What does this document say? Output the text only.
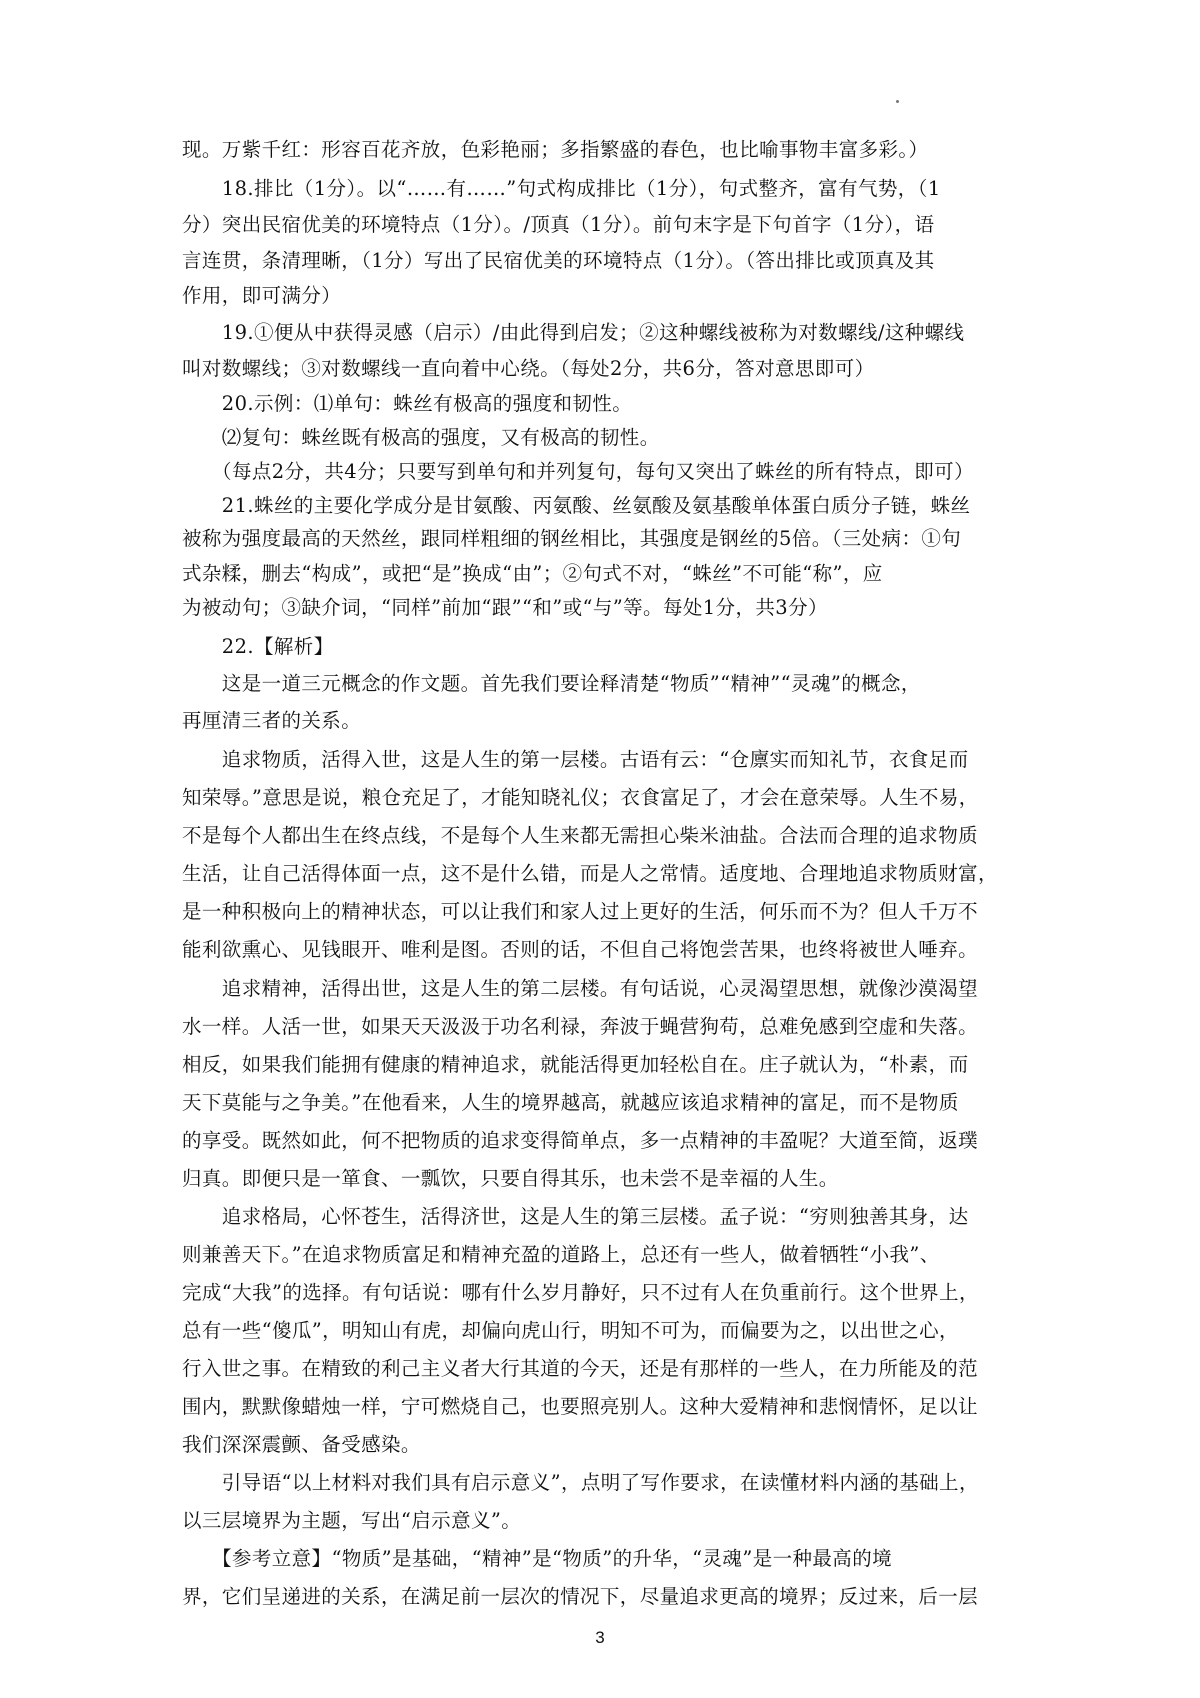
现。万紫千红：形容百花齐放，色彩艳丽；多指繁盛的春色，也比喻事物丰富多彩。）
　　18.排比（1分）。以“……有……”句式构成排比（1分），句式整齐，富有气势，（1
分）突出民宿优美的环境特点（1分）。/顶真（1分）。前句末字是下句首字（1分），语
言连贯，条清理晰，（1分）写出了民宿优美的环境特点（1分）。（答出排比或顶真及其
作用，即可满分）
　　19.①便从中获得灵感（启示）/由此得到启发；②这种螺线被称为对数螺线/这种螺线
叫对数螺线；③对数螺线一直向着中心绕。（每处2分，共6分，答对意思即可）
　　20.示例：⑴单句：蛛丝有极高的强度和韧性。
　　⑵复句：蛛丝既有极高的强度，又有极高的韧性。
　　（每点2分，共4分；只要写到单句和并列复句，每句又突出了蛛丝的所有特点，即可）
　　21.蛛丝的主要化学成分是甘氨酸、丙氨酸、丝氨酸及氨基酸单体蛋白质分子链，蛛丝
被称为强度最高的天然丝，跟同样粗细的钢丝相比，其强度是钢丝的5倍。（三处病：①句
式杂糅，删去“构成”，或把“是”换成“由”；②句式不对，“蛛丝”不可能“称”，应
为被动句；③缺介词，“同样”前加“跟”“和”或“与”等。每处1分，共3分）
　　22.【解析】
　　这是一道三元概念的作文题。首先我们要诠释清楚“物质”“精神”“灵魂”的概念，
再厘清三者的关系。
　　追求物质，活得入世，这是人生的第一层楼。古语有云：“仓廪实而知礼节，衣食足而
知荣辱。”意思是说，粮仓充足了，才能知晓礼仪；衣食富足了，才会在意荣辱。人生不易，
不是每个人都出生在终点线，不是每个人生来都无需担心柴米油盐。合法而合理的追求物质
生活，让自己活得体面一点，这不是什么错，而是人之常情。适度地、合理地追求物质财富，
是一种积极向上的精神状态，可以让我们和家人过上更好的生活，何乐而不为？但人千万不
能利欲熏心、见钱眼开、唯利是图。否则的话，不但自己将饱尝苦果，也终将被世人唾弃。
　　追求精神，活得出世，这是人生的第二层楼。有句话说，心灵渴望思想，就像沙漠渴望
水一样。人活一世，如果天天汲汲于功名利禄，奔波于蝇营狗苟，总难免感到空虚和失落。
相反，如果我们能拥有健康的精神追求，就能活得更加轻松自在。庄子就认为，“朴素，而
天下莫能与之争美。”在他看来，人生的境界越高，就越应该追求精神的富足，而不是物质
的享受。既然如此，何不把物质的追求变得简单点，多一点精神的丰盈呢？大道至简，返璞
归真。即便只是一箪食、一瓢饮，只要自得其乐，也未尝不是幸福的人生。
　　追求格局，心怀苍生，活得济世，这是人生的第三层楼。孟子说：“穷则独善其身，达
则兼善天下。”在追求物质富足和精神充盈的道路上，总还有一些人，做着牺牲“小我”、
完成“大我”的选择。有句话说：哪有什么岁月静好，只不过有人在负重前行。这个世界上，
总有一些“傻瓜”，明知山有虎，却偏向虎山行，明知不可为，而偏要为之，以出世之心，
行入世之事。在精致的利己主义者大行其道的今天，还是有那样的一些人，在力所能及的范
围内，默默像蜡烛一样，宁可燃烧自己，也要照亮别人。这种大爱精神和悲悯情怀，足以让
我们深深震颤、备受感染。
　　引导语“以上材料对我们具有启示意义”，点明了写作要求，在读懂材料内涵的基础上，
以三层境界为主题，写出“启示意义”。
　　【参考立意】“物质”是基础，“精神”是“物质”的升华，“灵魂”是一种最高的境
界，它们呈递进的关系，在满足前一层次的情况下，尽量追求更高的境界；反过来，后一层
3
